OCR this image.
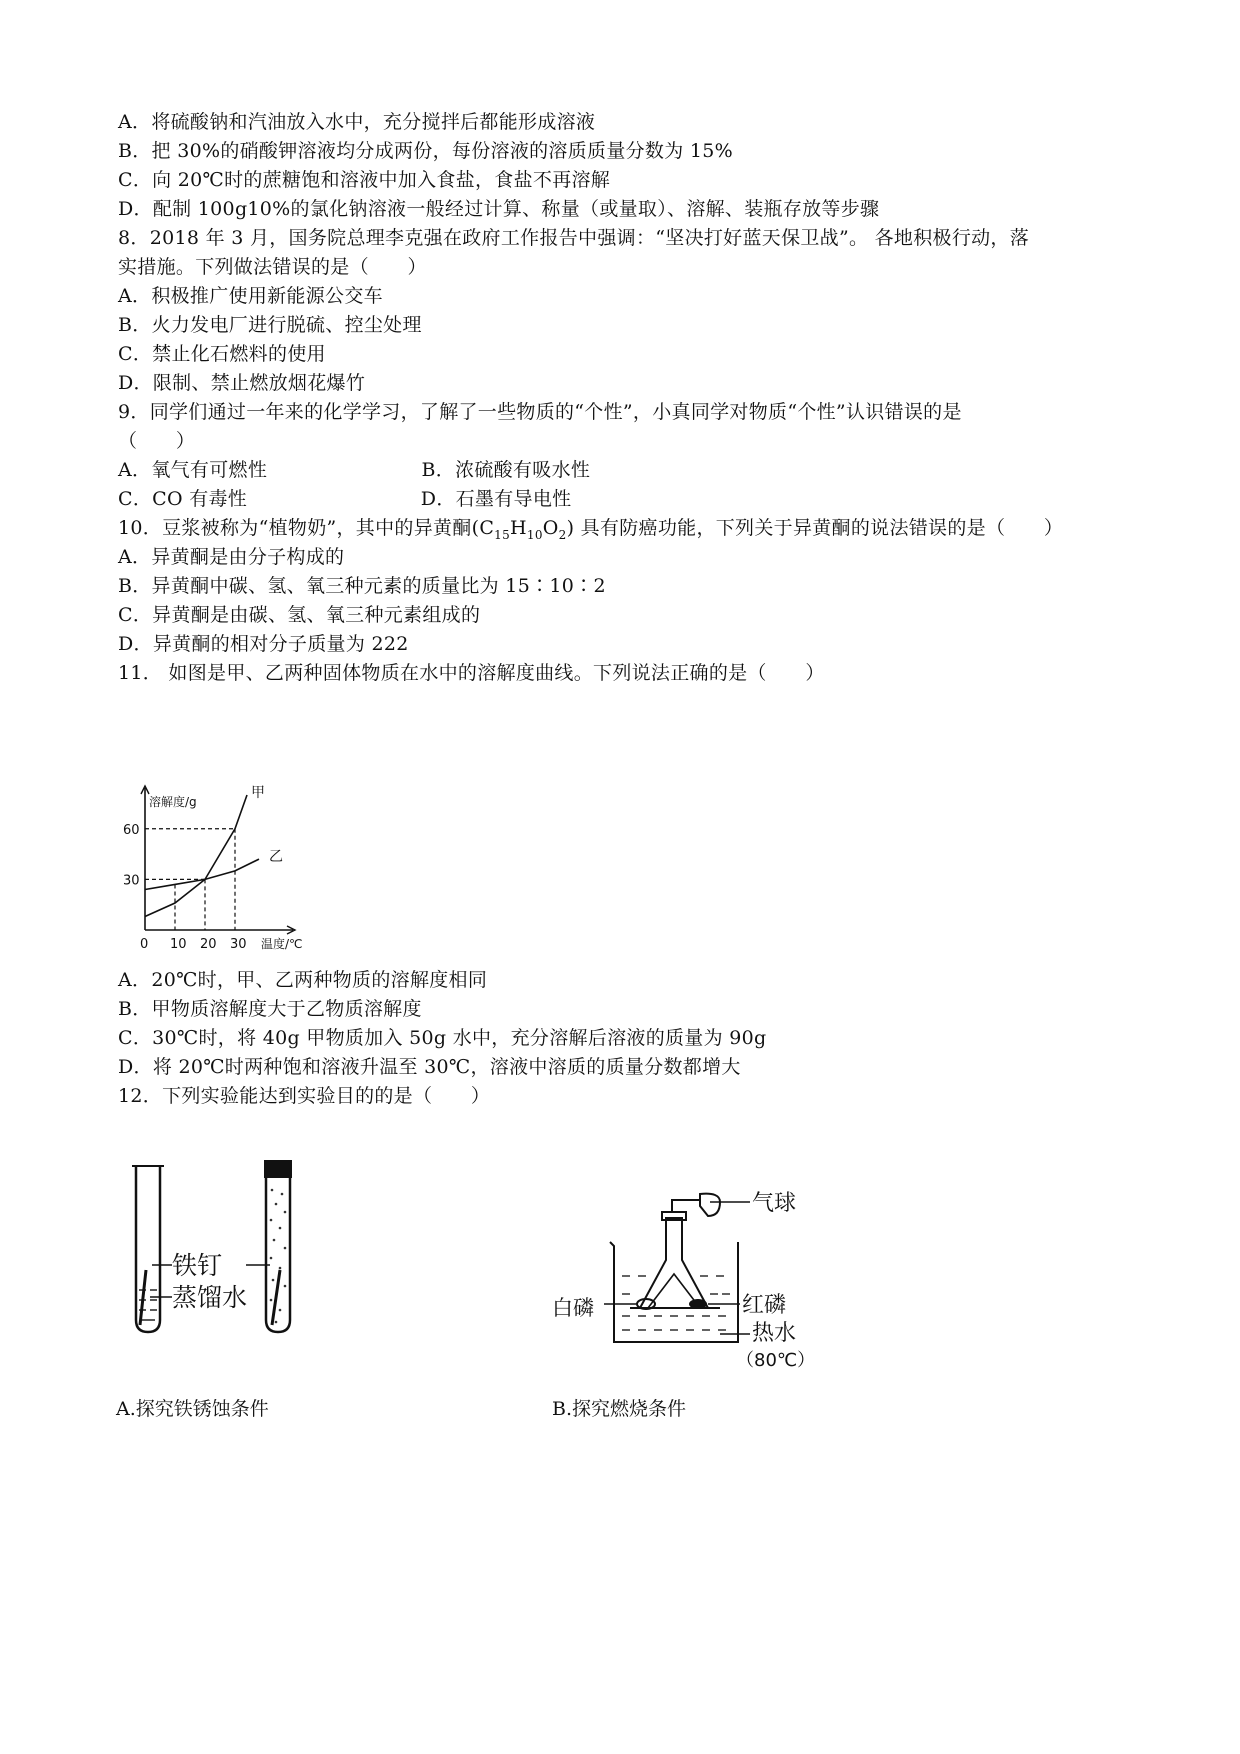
A．将硫酸钠和汽油放入水中，充分搅拌后都能形成溶液
B．把 30%的硝酸钾溶液均分成两份，每份溶液的溶质质量分数为 15%
C．向 20℃时的蔗糖饱和溶液中加入食盐，食盐不再溶解
D．配制 100g10%的氯化钠溶液一般经过计算、称量（或量取）、溶解、装瓶存放等步骤
8．2018 年 3 月，国务院总理李克强在政府工作报告中强调：“坚决打好蓝天保卫战”。 各地积极行动，落
实措施。下列做法错误的是（　　）
A．积极推广使用新能源公交车
B．火力发电厂进行脱硫、控尘处理
C．禁止化石燃料的使用
D．限制、禁止燃放烟花爆竹
9．同学们通过一年来的化学学习，了解了一些物质的“个性”，小真同学对物质“个性”认识错误的是
（　　）
A．氧气有可燃性　　　　　　　　B．浓硫酸有吸水性
C．CO 有毒性　　　　　　　　　D．石墨有导电性
10．豆浆被称为“植物奶”，其中的异黄酮$(C_{15}H_{10}O_2)$ 具有防癌功能，下列关于异黄酮的说法错误的是（　　）
A．异黄酮是由分子构成的
B．异黄酮中碳、氢、氧三种元素的质量比为 15∶10∶2
C．异黄酮是由碳、氢、氧三种元素组成的
D．异黄酮的相对分子质量为 222
11． 如图是甲、乙两种固体物质在水中的溶解度曲线。下列说法正确的是（　　）
甲
乙
30
60
0 10 20 30
溶解度/g
温度/℃
A．20℃时，甲、乙两种物质的溶解度相同
B．甲物质溶解度大于乙物质溶解度
C．30℃时，将 40g 甲物质加入 50g 水中，充分溶解后溶液的质量为 90g
D．将 20℃时两种饱和溶液升温至 30℃，溶液中溶质的质量分数都增大
12．下列实验能达到实验目的的是（　　）
铁钉
蒸馏水
A.探究铁锈蚀条件
气球
红磷
热水
（80℃）
白磷
B.探究燃烧条件
